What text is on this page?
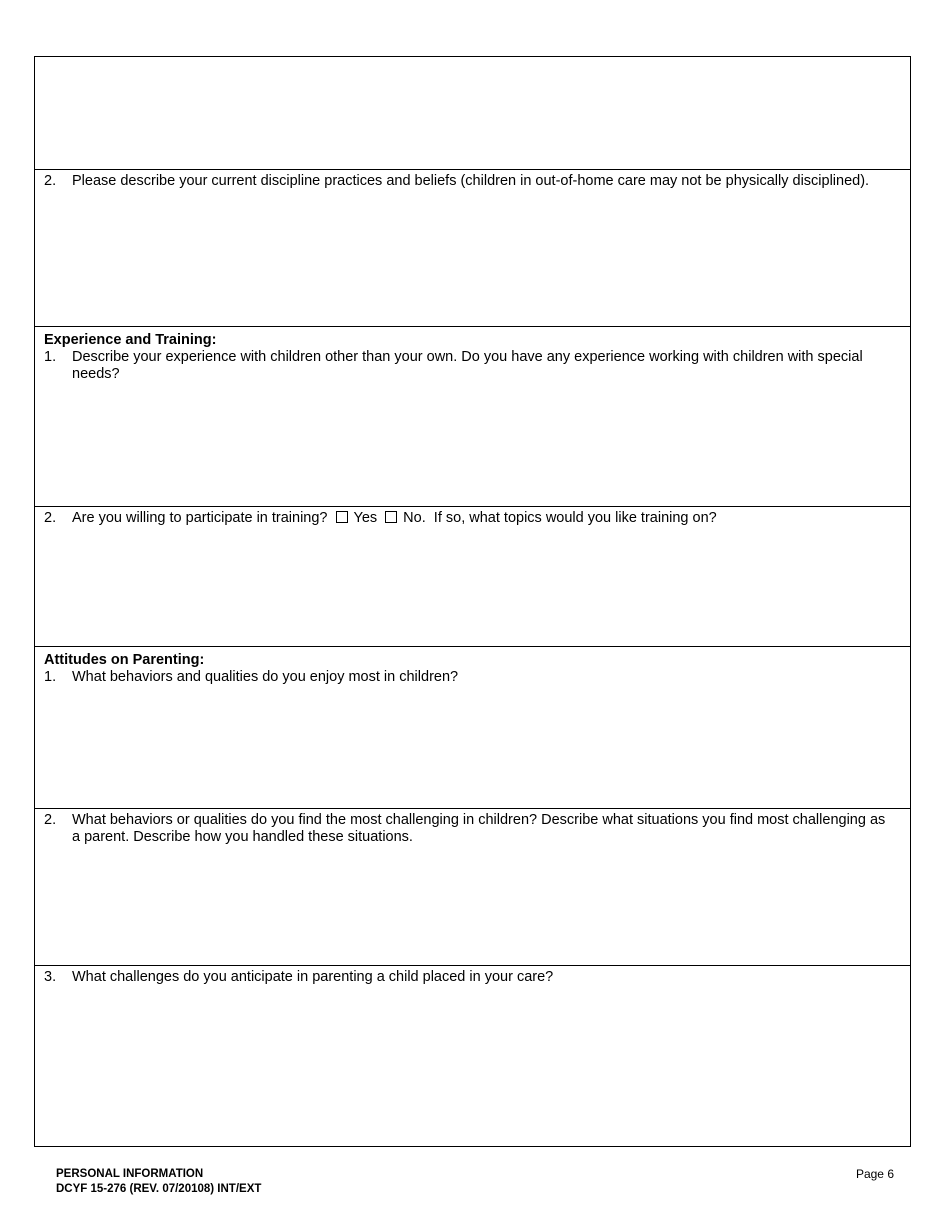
2.	Please describe your current discipline practices and beliefs (children in out-of-home care may not be physically disciplined).
Experience and Training:
1.	Describe your experience with children other than your own. Do you have any experience working with children with special needs?
2.	Are you willing to participate in training? Yes No. If so, what topics would you like training on?
Attitudes on Parenting:
1.	What behaviors and qualities do you enjoy most in children?
2.	What behaviors or qualities do you find the most challenging in children? Describe what situations you find most challenging as a parent. Describe how you handled these situations.
3.	What challenges do you anticipate in parenting a child placed in your care?
PERSONAL INFORMATION
DCYF 15-276 (REV. 07/20108) INT/EXT
Page 6
